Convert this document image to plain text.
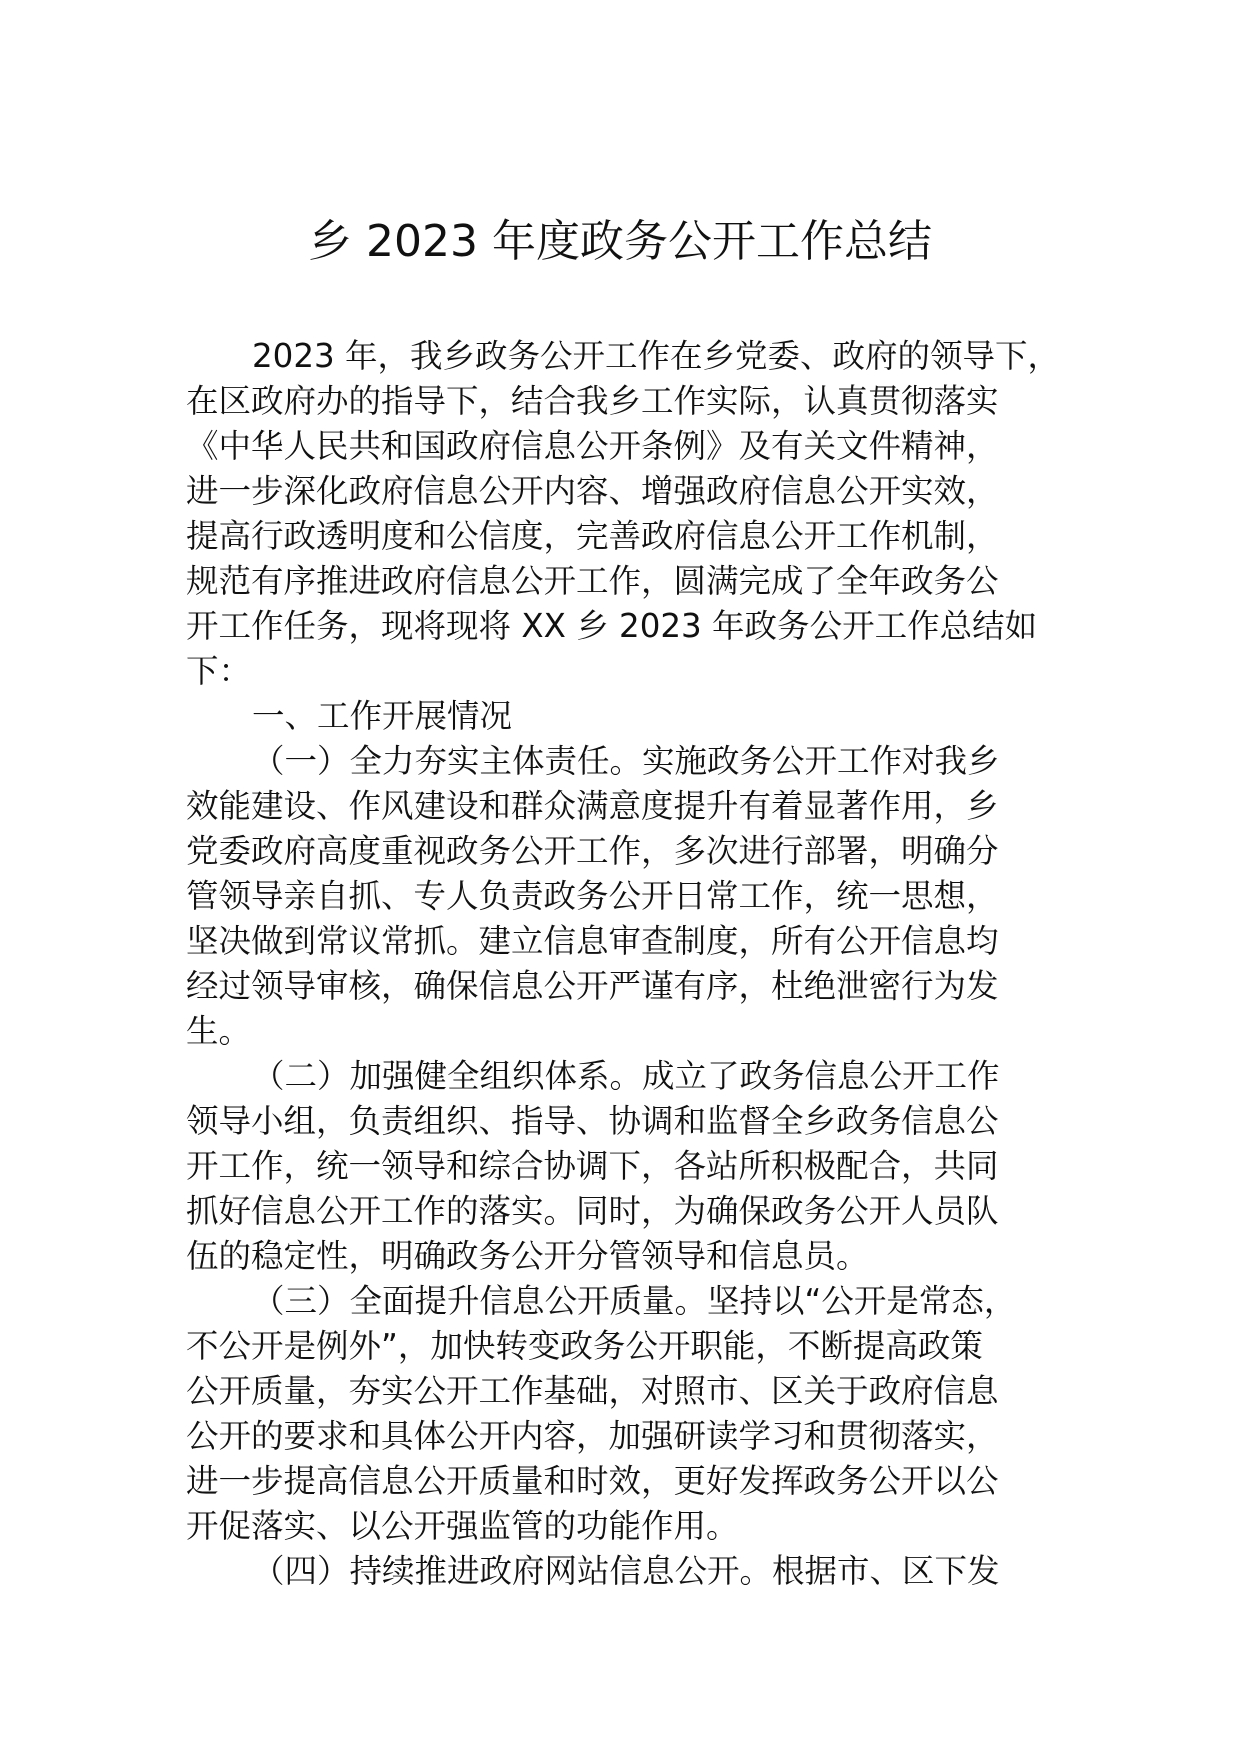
乡 2023 年度政务公开工作总结
2023 年，我乡政务公开工作在乡党委、政府的领导下，
在区政府办的指导下，结合我乡工作实际，认真贯彻落实
《中华人民共和国政府信息公开条例》及有关文件精神，
进一步深化政府信息公开内容、增强政府信息公开实效，
提高行政透明度和公信度，完善政府信息公开工作机制，
规范有序推进政府信息公开工作，圆满完成了全年政务公
开工作任务，现将现将 XX 乡 2023 年政务公开工作总结如
下：
一、工作开展情况
（一）全力夯实主体责任。实施政务公开工作对我乡
效能建设、作风建设和群众满意度提升有着显著作用，乡
党委政府高度重视政务公开工作，多次进行部署，明确分
管领导亲自抓、专人负责政务公开日常工作，统一思想，
坚决做到常议常抓。建立信息审查制度，所有公开信息均
经过领导审核，确保信息公开严谨有序，杜绝泄密行为发
生。
（二）加强健全组织体系。成立了政务信息公开工作
领导小组，负责组织、指导、协调和监督全乡政务信息公
开工作，统一领导和综合协调下，各站所积极配合，共同
抓好信息公开工作的落实。同时，为确保政务公开人员队
伍的稳定性，明确政务公开分管领导和信息员。
（三）全面提升信息公开质量。坚持以“公开是常态，
不公开是例外”，加快转变政务公开职能，不断提高政策
公开质量，夯实公开工作基础，对照市、区关于政府信息
公开的要求和具体公开内容，加强研读学习和贯彻落实，
进一步提高信息公开质量和时效，更好发挥政务公开以公
开促落实、以公开强监管的功能作用。
（四）持续推进政府网站信息公开。根据市、区下发
